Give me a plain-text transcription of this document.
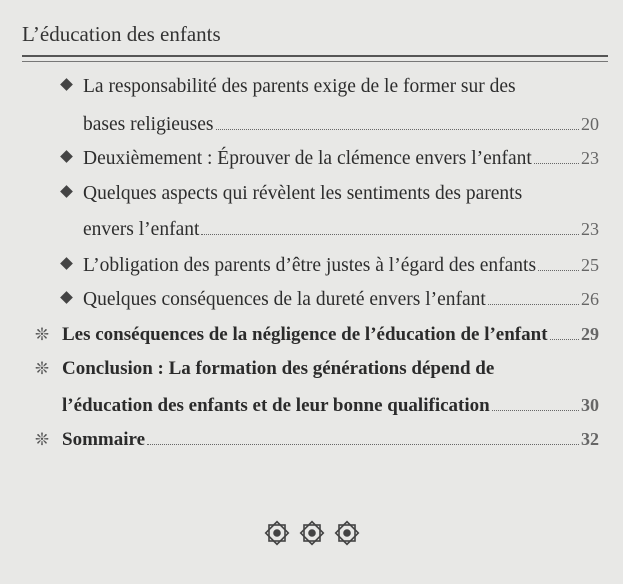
L’éducation des enfants
La responsabilité des parents exige de le former sur des
bases religieuses	20
Deuxièmement : Éprouver de la clémence envers l’enfant	23
Quelques aspects qui révèlent les sentiments des parents
envers l’enfant	23
L’obligation des parents d’être justes à l’égard des enfants 25
Quelques conséquences de la dureté envers l’enfant	26
❊ Les conséquences de la négligence de l’éducation de l’enfant 29
❊ Conclusion : La formation des générations dépend de
l’éducation des enfants et de leur bonne qualification	30
❊ Sommaire	32
